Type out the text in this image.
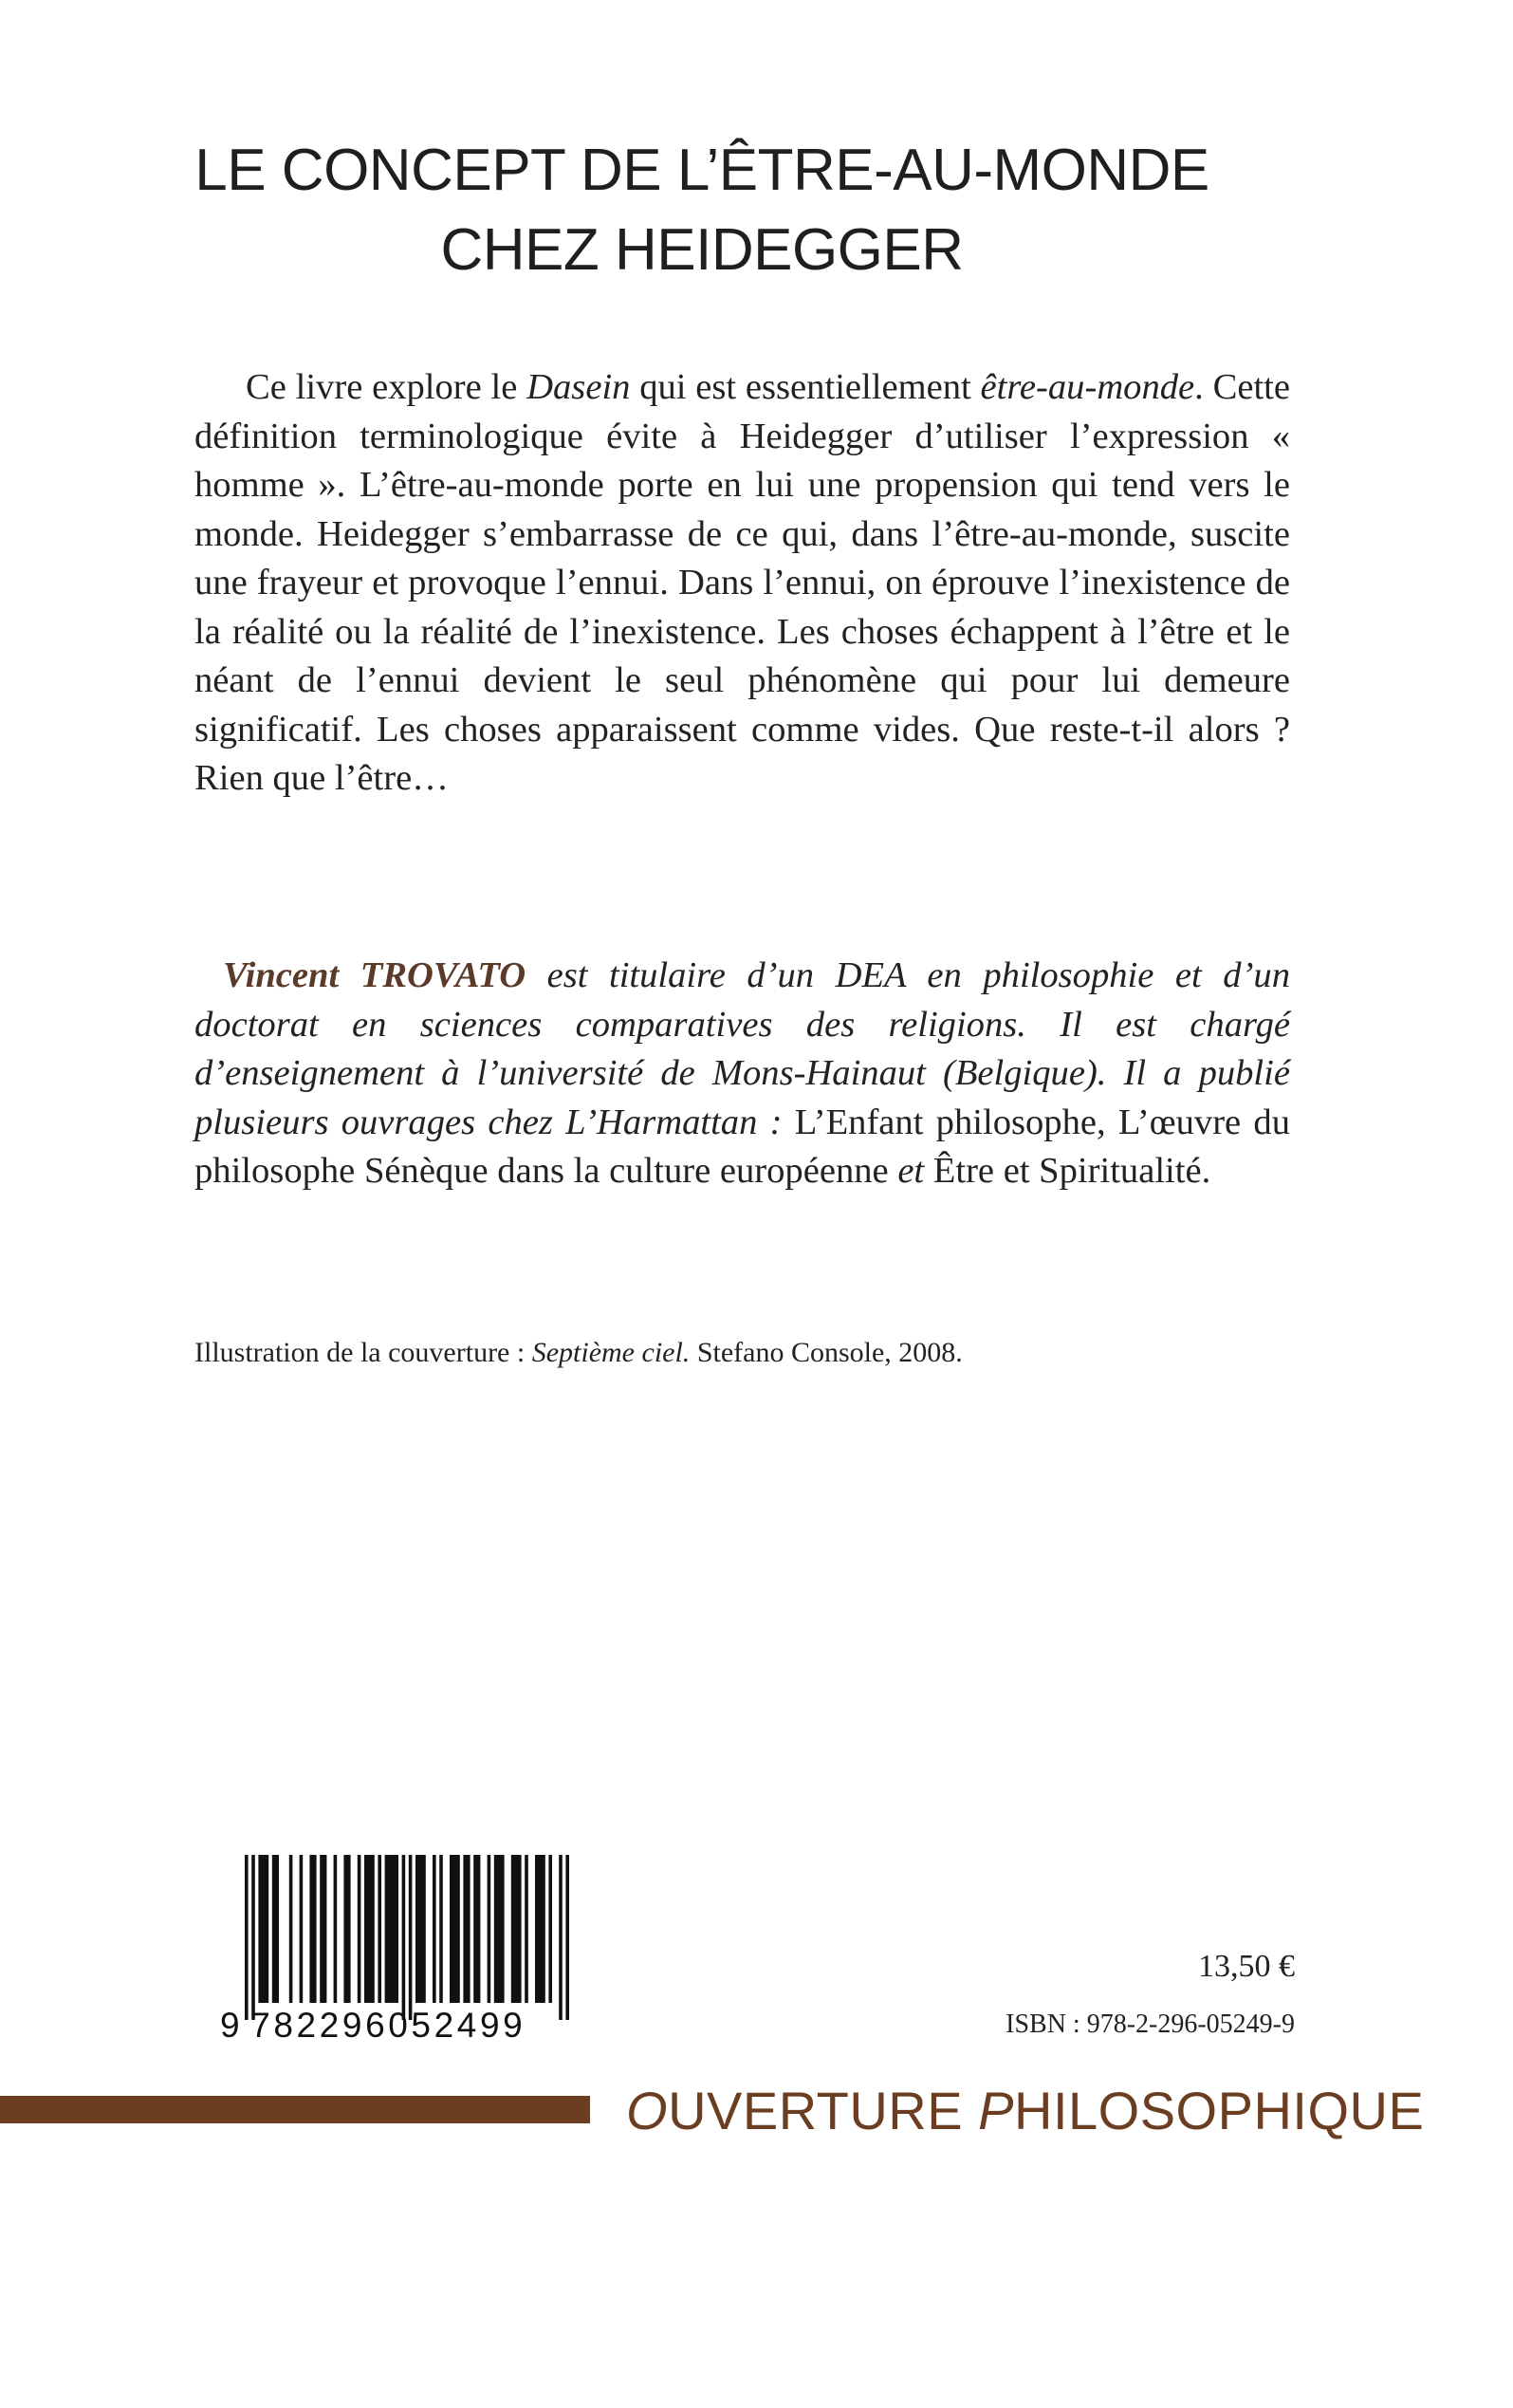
LE CONCEPT DE L’ÊTRE-AU-MONDE
CHEZ HEIDEGGER
Ce livre explore le Dasein qui est essentiellement être-au-monde. Cette définition terminologique évite à Heidegger d’utiliser l’expression « homme ». L’être-au-monde porte en lui une propension qui tend vers le monde. Heidegger s’embarrasse de ce qui, dans l’être-au-monde, suscite une frayeur et provoque l’ennui. Dans l’ennui, on éprouve l’inexistence de la réalité ou la réalité de l’inexistence. Les choses échappent à l’être et le néant de l’ennui devient le seul phénomène qui pour lui demeure significatif. Les choses apparaissent comme vides. Que reste-t-il alors ? Rien que l’être…
Vincent TROVATO est titulaire d’un DEA en philosophie et d’un doctorat en sciences comparatives des religions. Il est chargé d’enseignement à l’université de Mons-Hainaut (Belgique). Il a publié plusieurs ouvrages chez L’Harmattan : L’Enfant philosophe, L’œuvre du philosophe Sénèque dans la culture européenne et Être et Spiritualité.
Illustration de la couverture : Septième ciel. Stefano Console, 2008.
9 782296052499
13,50 €
ISBN : 978-2-296-05249-9
OUVERTURE PHILOSOPHIQUE
